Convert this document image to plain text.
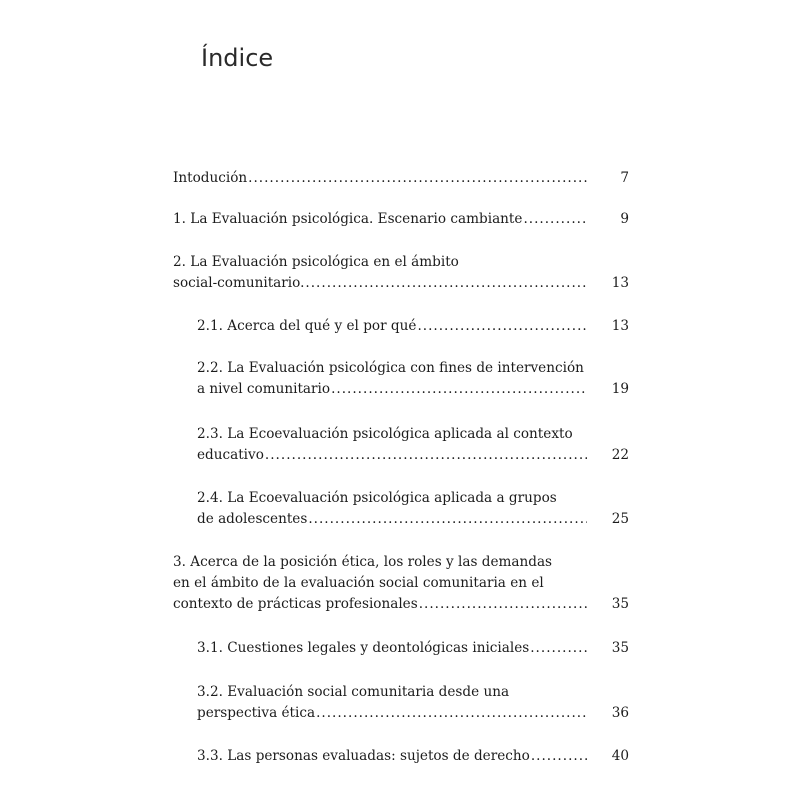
Índice
Intodución .....	7
1. La Evaluación psicológica. Escenario cambiante .....	9
2. La Evaluación psicológica en el ámbito
social-comunitario. .....	13
2.1. Acerca del qué y el por qué .....	13
2.2. La Evaluación psicológica con fines de intervención
a nivel comunitario .....	19
2.3. La Ecoevaluación psicológica aplicada al contexto
educativo .....	22
2.4. La Ecoevaluación psicológica aplicada a grupos
de adolescentes .....	25
3. Acerca de la posición ética, los roles y las demandas
en el ámbito de la evaluación social comunitaria en el
contexto de prácticas profesionales .....	35
3.1. Cuestiones legales y deontológicas iniciales .....	35
3.2. Evaluación social comunitaria desde una
perspectiva ética .....	36
3.3. Las personas evaluadas: sujetos de derecho .....	40
